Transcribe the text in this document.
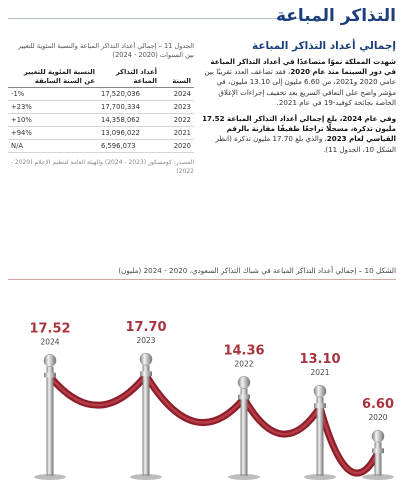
التذاكر المباعة
إجمالي أعداد التذاكر المباعة

شهدت المملكة نموًا متصاعدًا في أعداد التذاكر المباعة في دور السينما منذ عام 2020، فقد تضاعف العدد تقريبًا بين عامي 2020 و2021، من 6.60 مليون إلى 13.10 مليون، في مؤشر واضح على التعافي السريع بعد تخفيف إجراءات الإغلاق الخاصة بجائحة كوفيد-19 في عام 2021.

وفي عام 2024، بلغ إجمالي أعداد التذاكر المباعة 17.52 مليون تذكرة، مسجلًا تراجعًا طفيفًا مقارنة بالرقم القياسي لعام 2023، والذي بلغ 17.70 مليون تذكرة (انظر الشكل 10، الجدول 11).

الجدول 11 – إجمالي أعداد التذاكر المباعة والنسبة المئوية للتغيير بين السنوات (2020 - 2024)
السنة	أعداد التذاكر المباعة	النسبة المئوية للتغيير عن السنة السابقة
2024	17,520,036	-1%
2023	17,700,334	+23%
2022	14,358,062	+10%
2021	13,096,022	+94%
2020	6,596,073	N/A
المصدر: كومسكور (2023 - 2024) والهيئة العامة لتنظيم الإعلام (2020 - 2022)
الشكل 10 – إجمالي أعداد التذاكر المباعة في شباك التذاكر السعودي، 2020 - 2024 (مليون)
17.52
2024
17.70
2023
14.36
2022	13.10
2021
6.60
2020
